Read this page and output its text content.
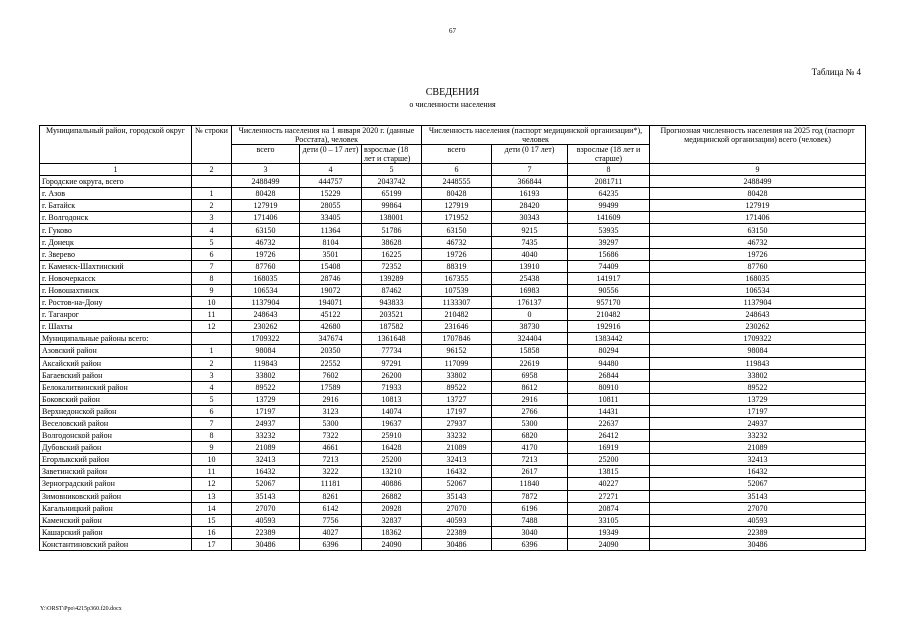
67
Таблица № 4
СВЕДЕНИЯ
о численности населения
Муниципальный район, городской округ	№ строки	Численность населения на 1 января 2020 г. (данные Росстата), человек			Численность населения (паспорт медицинской организации*), человек			Прогнозная численность населения на 2025 год (паспорт медицинской организации) всего (человек)
		всего	дети (0 – 17 лет)	взрослые (18 лет и старше)	всего	дети (0 17 лет)	взрослые (18 лет и старше)	
1	2	3	4	5	6	7	8	9
Городские округа, всего		2488499	444757	2043742	2448555	366844	2081711	2488499
г. Азов	1	80428	15229	65199	80428	16193	64235	80428
г. Батайск	2	127919	28055	99864	127919	28420	99499	127919
г. Волгодонск	3	171406	33405	138001	171952	30343	141609	171406
г. Гуково	4	63150	11364	51786	63150	9215	53935	63150
г. Донецк	5	46732	8104	38628	46732	7435	39297	46732
г. Зверево	6	19726	3501	16225	19726	4040	15686	19726
г. Каменск-Шахтинский	7	87760	15408	72352	88319	13910	74409	87760
г. Новочеркасск	8	168035	28746	139289	167355	25438	141917	168035
г. Новошахтинск	9	106534	19072	87462	107539	16983	90556	106534
г. Ростов-на-Дону	10	1137904	194071	943833	1133307	176137	957170	1137904
г. Таганрог	11	248643	45122	203521	210482	0	210482	248643
г. Шахты	12	230262	42680	187582	231646	38730	192916	230262
Муниципальные районы всего:		1709322	347674	1361648	1707846	324404	1383442	1709322
Азовский район	1	98084	20350	77734	96152	15858	80294	98084
Аксайский район	2	119843	22552	97291	117099	22619	94480	119843
Багаевский район	3	33802	7602	26200	33802	6958	26844	33802
Белокалитвинский район	4	89522	17589	71933	89522	8612	80910	89522
Боковский район	5	13729	2916	10813	13727	2916	10811	13729
Верхнедонской район	6	17197	3123	14074	17197	2766	14431	17197
Веселовский район	7	24937	5300	19637	27937	5300	22637	24937
Волгодонской район	8	33232	7322	25910	33232	6820	26412	33232
Дубовский район	9	21089	4661	16428	21089	4170	16919	21089
Егорлыкский район	10	32413	7213	25200	32413	7213	25200	32413
Заветинский район	11	16432	3222	13210	16432	2617	13815	16432
Зерноградский район	12	52067	11181	40886	52067	11840	40227	52067
Зимовниковский район	13	35143	8261	26882	35143	7872	27271	35143
Кагальницкий район	14	27070	6142	20928	27070	6196	20874	27070
Каменский район	15	40593	7756	32837	40593	7488	33105	40593
Кашарский район	16	22389	4027	18362	22389	3040	19349	22389
Константиновский район	17	30486	6396	24090	30486	6396	24090	30486
Y:\ORST\Ppo\4215p360.f20.docx
